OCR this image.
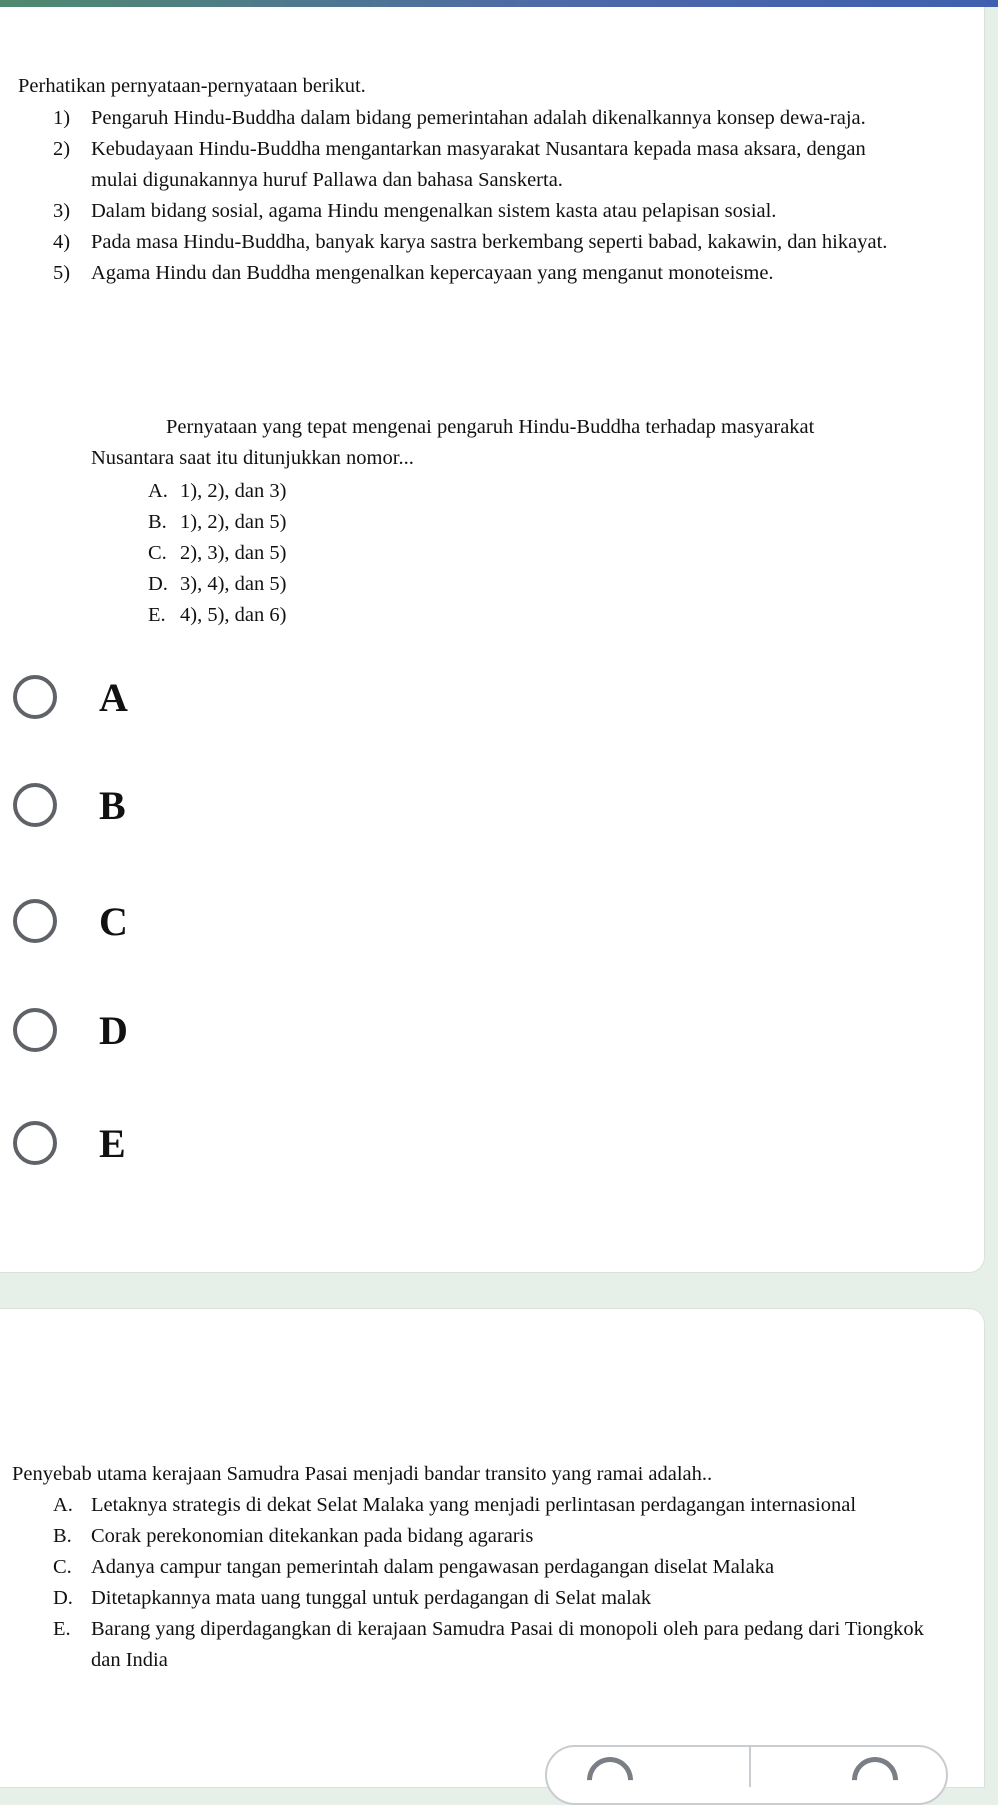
Perhatikan pernyataan-pernyataan berikut.
1) Pengaruh Hindu-Buddha dalam bidang pemerintahan adalah dikenalkannya konsep dewa-raja.
2) Kebudayaan Hindu-Buddha mengantarkan masyarakat Nusantara kepada masa aksara, dengan mulai digunakannya huruf Pallawa dan bahasa Sanskerta.
3) Dalam bidang sosial, agama Hindu mengenalkan sistem kasta atau pelapisan sosial.
4) Pada masa Hindu-Buddha, banyak karya sastra berkembang seperti babad, kakawin, dan hikayat.
5) Agama Hindu dan Buddha mengenalkan kepercayaan yang menganut monoteisme.
Pernyataan yang tepat mengenai pengaruh Hindu-Buddha terhadap masyarakat Nusantara saat itu ditunjukkan nomor...
A. 1), 2), dan 3)
B. 1), 2), dan 5)
C. 2), 3), dan 5)
D. 3), 4), dan 5)
E. 4), 5), dan 6)
A
B
C
D
E
Penyebab utama kerajaan Samudra Pasai menjadi bandar transito yang ramai adalah..
A. Letaknya strategis di dekat Selat Malaka yang menjadi perlintasan perdagangan internasional
B. Corak perekonomian ditekankan pada bidang agararis
C. Adanya campur tangan pemerintah dalam pengawasan perdagangan diselat Malaka
D. Ditetapkannya mata uang tunggal untuk perdagangan di Selat malak
E. Barang yang diperdagangkan di kerajaan Samudra Pasai di monopoli oleh para pedang dari Tiongkok dan India
